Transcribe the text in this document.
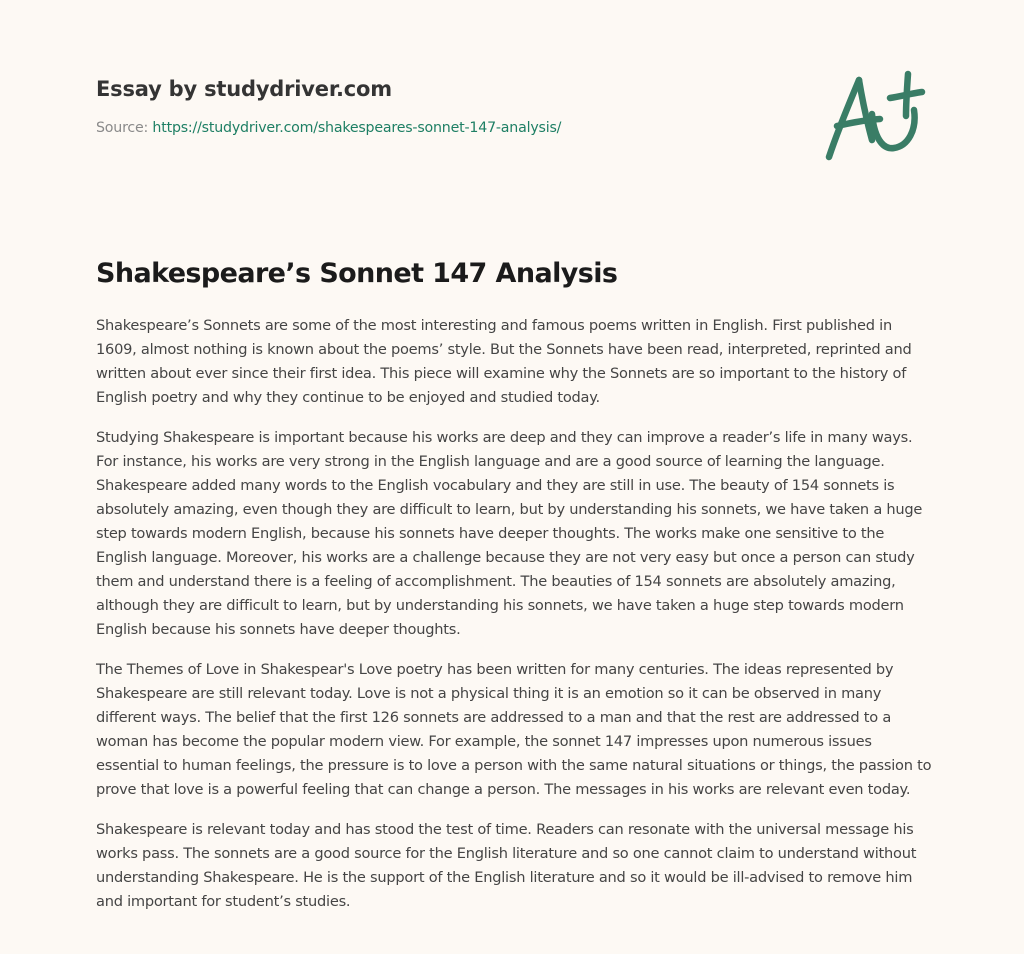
Essay by studydriver.com
Source: https://studydriver.com/shakespeares-sonnet-147-analysis/
Shakespeare’s Sonnet 147 Analysis

Shakespeare’s Sonnets are some of the most interesting and famous poems written in English. First published in 1609, almost nothing is known about the poems’ style. But the Sonnets have been read, interpreted, reprinted and written about ever since their first idea. This piece will examine why the Sonnets are so important to the history of English poetry and why they continue to be enjoyed and studied today.

Studying Shakespeare is important because his works are deep and they can improve a reader’s life in many ways. For instance, his works are very strong in the English language and are a good source of learning the language. Shakespeare added many words to the English vocabulary and they are still in use. The beauty of 154 sonnets is absolutely amazing, even though they are difficult to learn, but by understanding his sonnets, we have taken a huge step towards modern English, because his sonnets have deeper thoughts. The works make one sensitive to the English language. Moreover, his works are a challenge because they are not very easy but once a person can study them and understand there is a feeling of accomplishment. The beauties of 154 sonnets are absolutely amazing, although they are difficult to learn, but by understanding his sonnets, we have taken a huge step towards modern English because his sonnets have deeper thoughts.

The Themes of Love in Shakespear's Love poetry has been written for many centuries. The ideas represented by Shakespeare are still relevant today. Love is not a physical thing it is an emotion so it can be observed in many different ways. The belief that the first 126 sonnets are addressed to a man and that the rest are addressed to a woman has become the popular modern view. For example, the sonnet 147 impresses upon numerous issues essential to human feelings, the pressure is to love a person with the same natural situations or things, the passion to prove that love is a powerful feeling that can change a person. The messages in his works are relevant even today.

Shakespeare is relevant today and has stood the test of time. Readers can resonate with the universal message his works pass. The sonnets are a good source for the English literature and so one cannot claim to understand without understanding Shakespeare. He is the support of the English literature and so it would be ill-advised to remove him and important for student’s studies.
